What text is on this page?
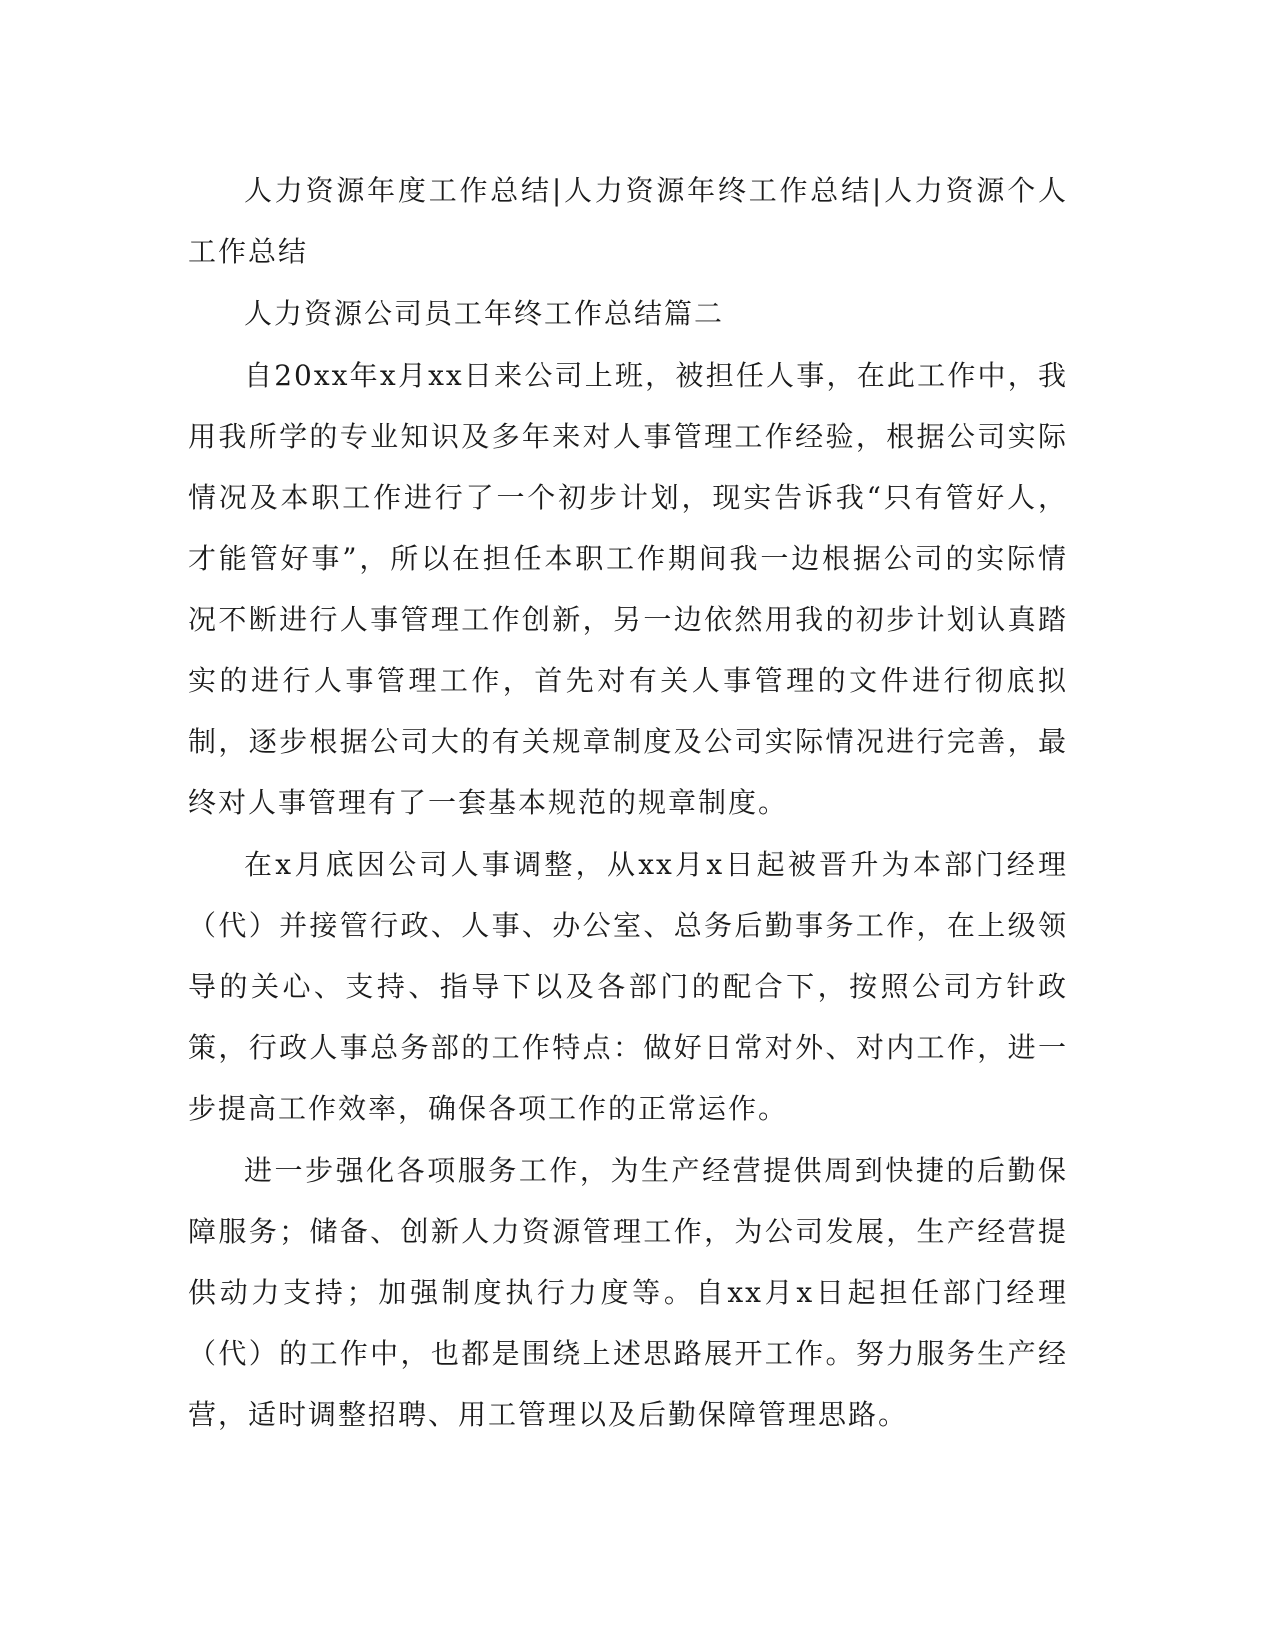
人力资源年度工作总结|人力资源年终工作总结|人力资源个人工作总结

人力资源公司员工年终工作总结篇二

自20xx年x月xx日来公司上班，被担任人事，在此工作中，我用我所学的专业知识及多年来对人事管理工作经验，根据公司实际情况及本职工作进行了一个初步计划，现实告诉我“只有管好人，才能管好事”，所以在担任本职工作期间我一边根据公司的实际情况不断进行人事管理工作创新，另一边依然用我的初步计划认真踏实的进行人事管理工作，首先对有关人事管理的文件进行彻底拟制，逐步根据公司大的有关规章制度及公司实际情况进行完善，最终对人事管理有了一套基本规范的规章制度。

在x月底因公司人事调整，从xx月x日起被晋升为本部门经理（代）并接管行政、人事、办公室、总务后勤事务工作，在上级领导的关心、支持、指导下以及各部门的配合下，按照公司方针政策，行政人事总务部的工作特点：做好日常对外、对内工作，进一步提高工作效率，确保各项工作的正常运作。

进一步强化各项服务工作，为生产经营提供周到快捷的后勤保障服务；储备、创新人力资源管理工作，为公司发展，生产经营提供动力支持；加强制度执行力度等。自xx月x日起担任部门经理（代）的工作中，也都是围绕上述思路展开工作。努力服务生产经营，适时调整招聘、用工管理以及后勤保障管理思路。
